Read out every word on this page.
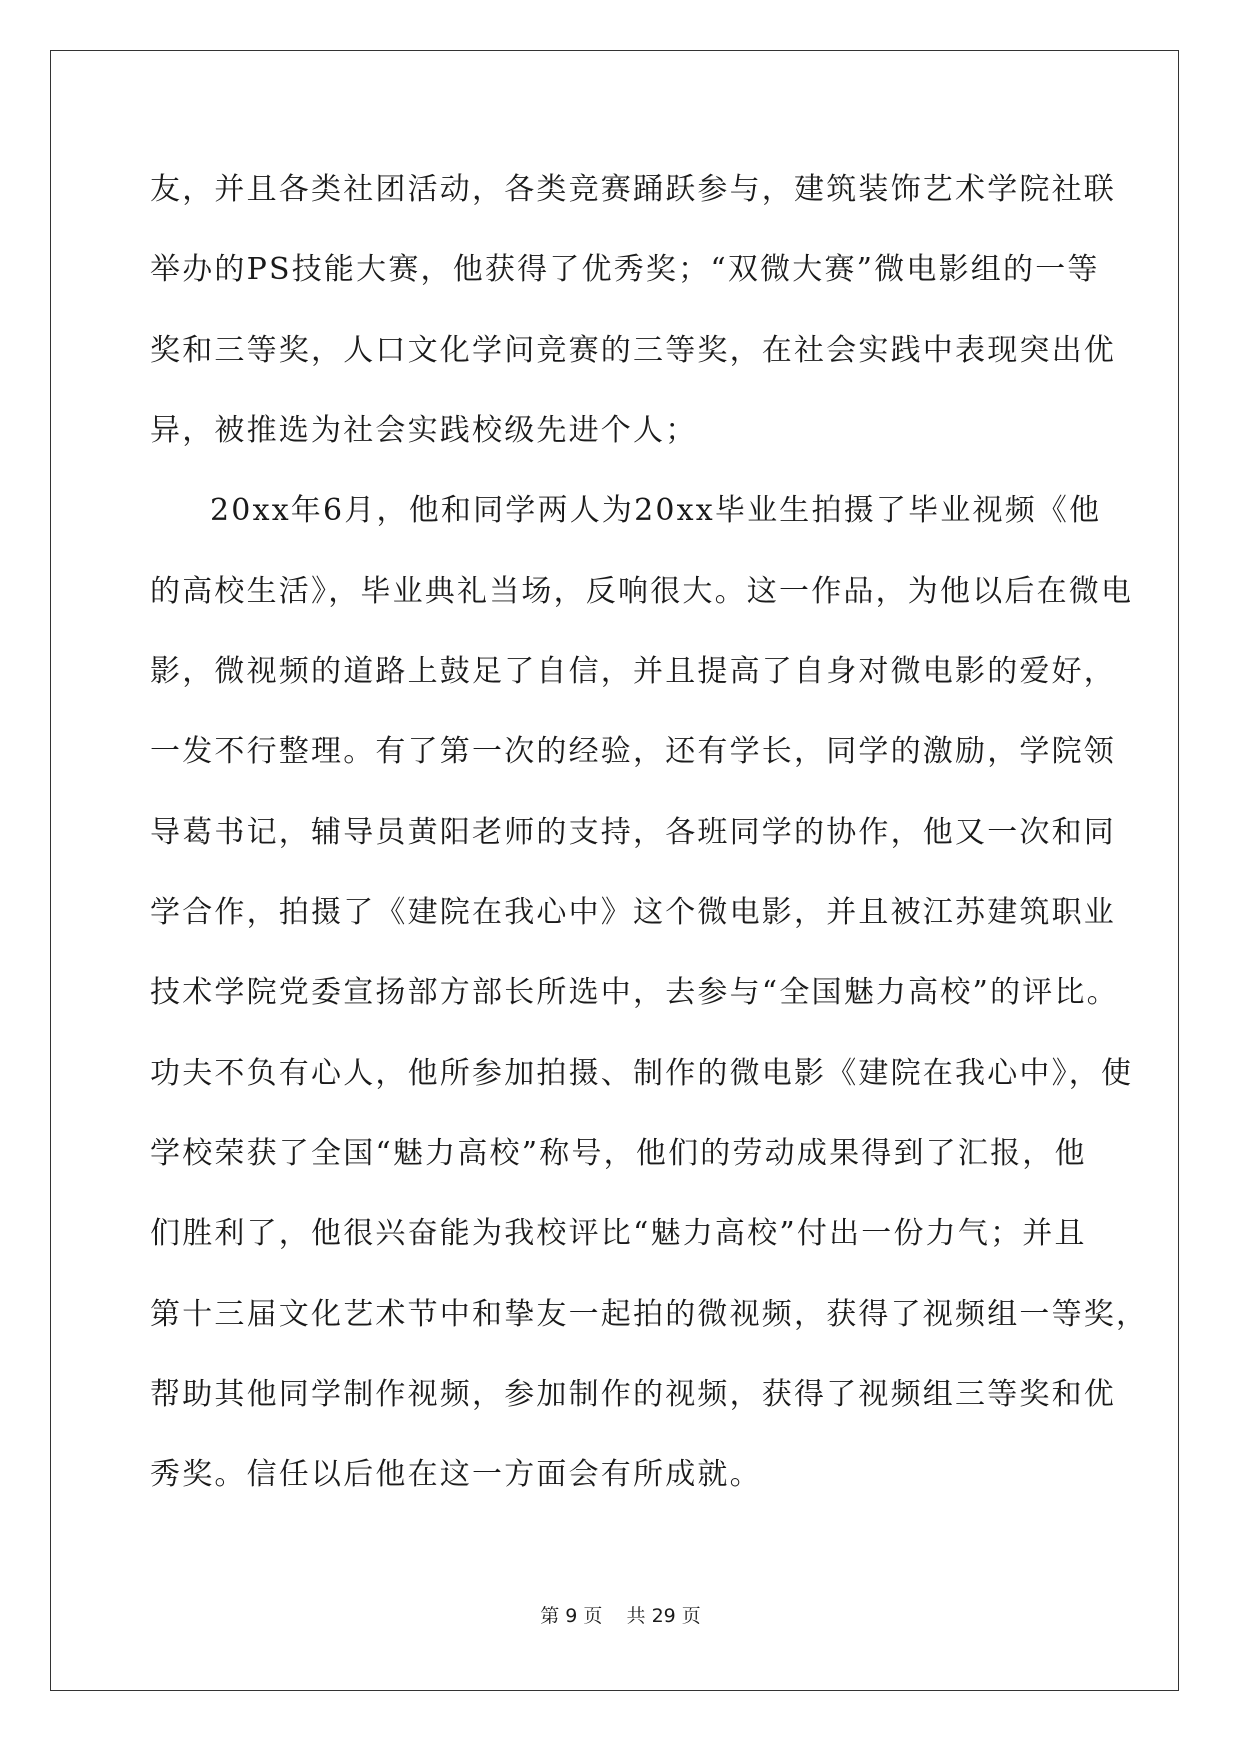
友，并且各类社团活动，各类竞赛踊跃参与，建筑装饰艺术学院社联
举办的PS技能大赛，他获得了优秀奖；“双微大赛”微电影组的一等
奖和三等奖，人口文化学问竞赛的三等奖，在社会实践中表现突出优
异，被推选为社会实践校级先进个人；
20xx年6月，他和同学两人为20xx毕业生拍摄了毕业视频《他
的高校生活》，毕业典礼当场，反响很大。这一作品，为他以后在微电
影，微视频的道路上鼓足了自信，并且提高了自身对微电影的爱好，
一发不行整理。有了第一次的经验，还有学长，同学的激励，学院领
导葛书记，辅导员黄阳老师的支持，各班同学的协作，他又一次和同
学合作，拍摄了《建院在我心中》这个微电影，并且被江苏建筑职业
技术学院党委宣扬部方部长所选中，去参与“全国魅力高校”的评比。
功夫不负有心人，他所参加拍摄、制作的微电影《建院在我心中》，使
学校荣获了全国“魅力高校”称号，他们的劳动成果得到了汇报，他
们胜利了，他很兴奋能为我校评比“魅力高校”付出一份力气；并且
第十三届文化艺术节中和挚友一起拍的微视频，获得了视频组一等奖，
帮助其他同学制作视频，参加制作的视频，获得了视频组三等奖和优
秀奖。信任以后他在这一方面会有所成就。
第 9 页 共 29 页
